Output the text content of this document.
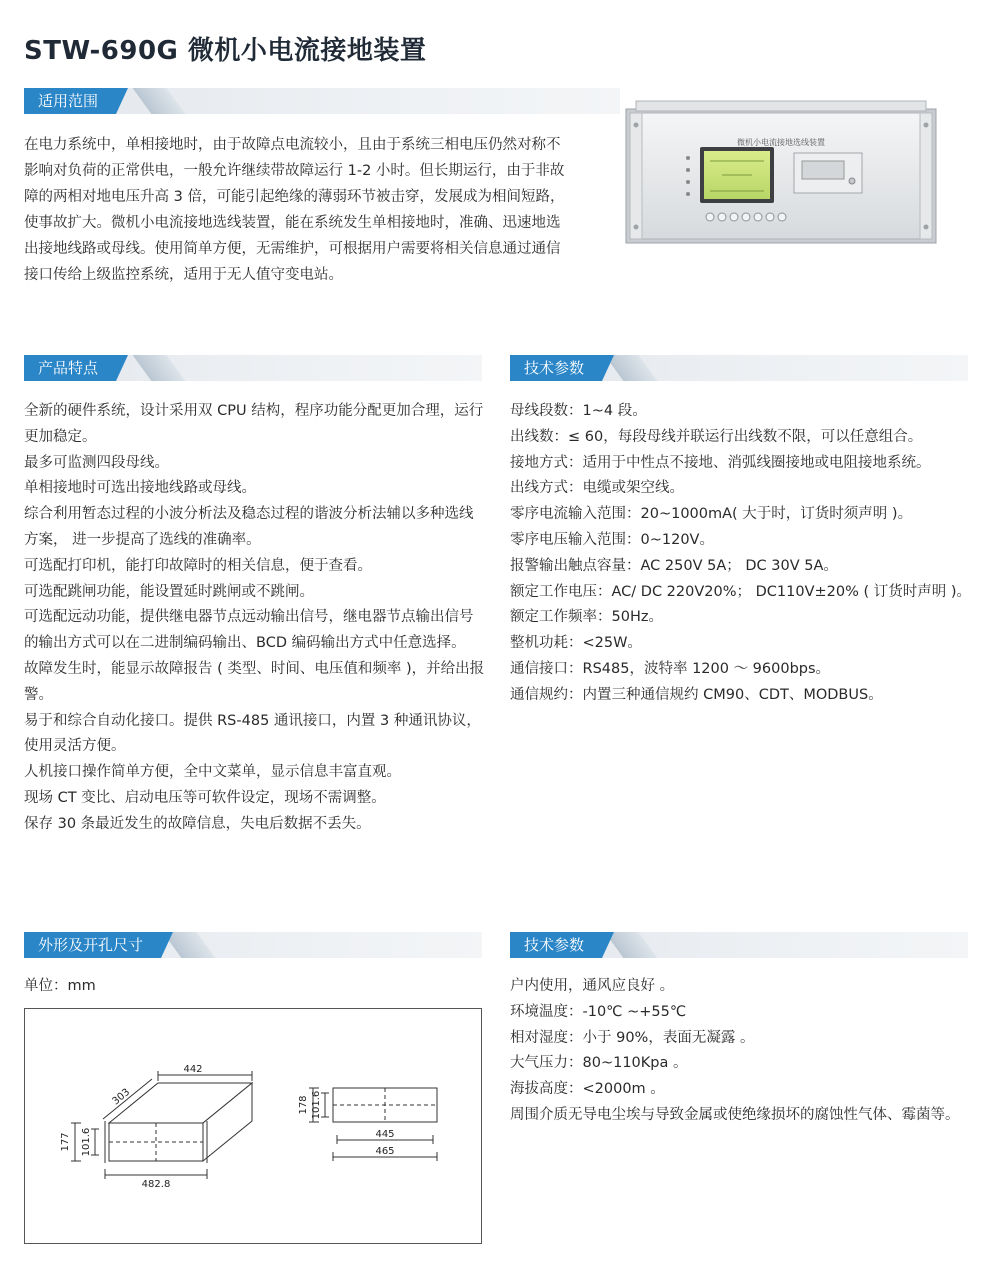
STW-690G 微机小电流接地装置
适用范围

在电力系统中，单相接地时，由于故障点电流较小，且由于系统三相电压仍然对称不影响对负荷的正常供电，一般允许继续带故障运行 1-2 小时。但长期运行，由于非故障的两相对地电压升高 3 倍，可能引起绝缘的薄弱环节被击穿，发展成为相间短路，使事故扩大。微机小电流接地选线装置，能在系统发生单相接地时，准确、迅速地选出接地线路或母线。使用简单方便，无需维护，可根据用户需要将相关信息通过通信接口传给上级监控系统，适用于无人值守变电站。

微机小电流接地选线装置
产品特点
全新的硬件系统，设计采用双 CPU 结构，程序功能分配更加合理，运行更加稳定。
最多可监测四段母线。
单相接地时可选出接地线路或母线。
综合利用暂态过程的小波分析法及稳态过程的谐波分析法辅以多种选线方案， 进一步提高了选线的准确率。
可选配打印机，能打印故障时的相关信息，便于查看。
可选配跳闸功能，能设置延时跳闸或不跳闸。
可选配远动功能，提供继电器节点远动输出信号，继电器节点输出信号的输出方式可以在二进制编码输出、BCD 编码输出方式中任意选择。
故障发生时，能显示故障报告 ( 类型、时间、电压值和频率 )，并给出报警。
易于和综合自动化接口。提供 RS-485 通讯接口，内置 3 种通讯协议，使用灵活方便。
人机接口操作简单方便，全中文菜单，显示信息丰富直观。
现场 CT 变比、启动电压等可软件设定，现场不需调整。
保存 30 条最近发生的故障信息，失电后数据不丢失。
技术参数
母线段数：1~4 段。
出线数：≤ 60，每段母线并联运行出线数不限，可以任意组合。
接地方式：适用于中性点不接地、消弧线圈接地或电阻接地系统。
出线方式：电缆或架空线。
零序电流输入范围：20~1000mA( 大于时，订货时须声明 )。
零序电压输入范围：0~120V。
报警输出触点容量：AC 250V 5A； DC 30V 5A。
额定工作电压：AC/ DC 220V20%； DC110V±20% ( 订货时声明 )。
额定工作频率：50Hz。
整机功耗：<25W。
通信接口：RS485，波特率 1200 ～ 9600bps。
通信规约：内置三种通信规约 CM90、CDT、MODBUS。
外形及开孔尺寸
单位：mm
442
303
177 101.6
482.8
178 101.6
445
465
技术参数
户内使用，通风应良好 。
环境温度：-10℃ ~+55℃
相对湿度：小于 90%，表面无凝露 。
大气压力：80~110Kpa 。
海拔高度：<2000m 。
周围介质无导电尘埃与导致金属或使绝缘损坏的腐蚀性气体、霉菌等。
